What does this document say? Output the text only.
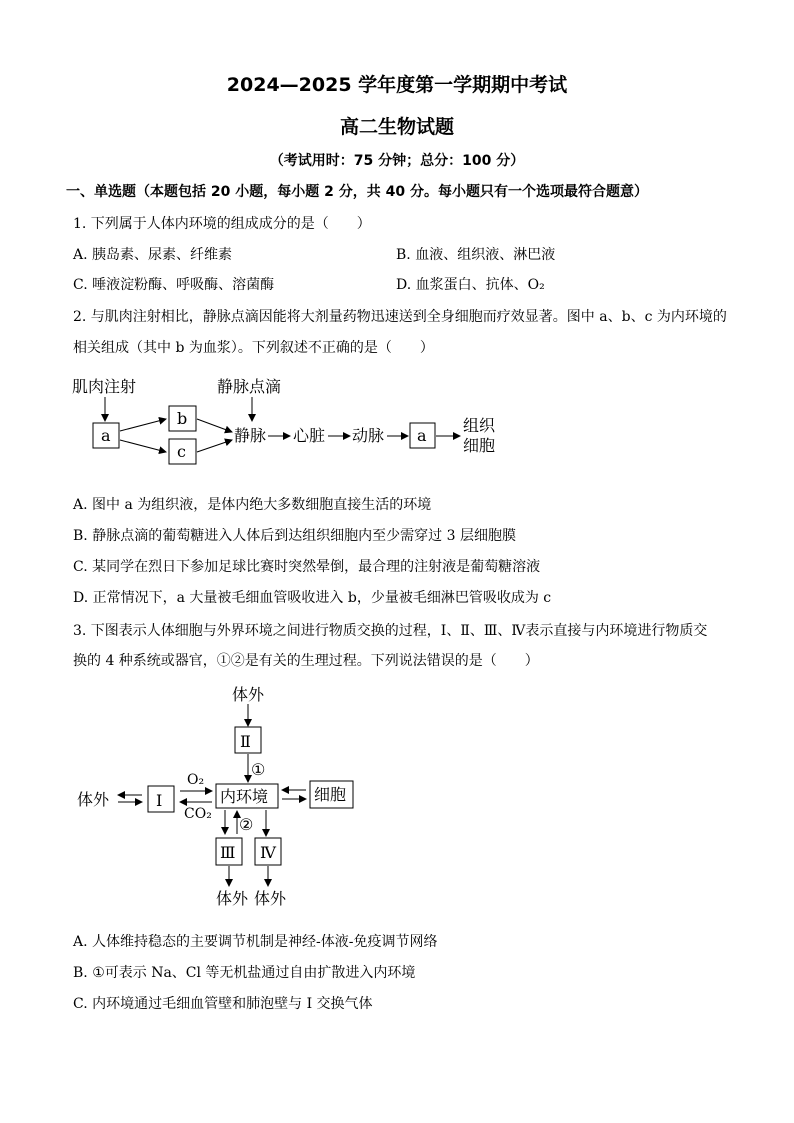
2024—2025 学年度第一学期期中考试
高二生物试题
（考试用时：75 分钟；总分：100 分）
一、单选题（本题包括 20 小题，每小题 2 分，共 40 分。每小题只有一个选项最符合题意）
1. 下列属于人体内环境的组成成分的是（　　）
A. 胰岛素、尿素、纤维素	B. 血液、组织液、淋巴液
C. 唾液淀粉酶、呼吸酶、溶菌酶	D. 血浆蛋白、抗体、O₂
2. 与肌肉注射相比，静脉点滴因能将大剂量药物迅速送到全身细胞而疗效显著。图中 a、b、c 为内环境的
相关组成（其中 b 为血浆）。下列叙述不正确的是（　　）
肌肉注射	静脉点滴
a
b
c
静脉 心脏 动脉 a
组织
细胞
体外
Ⅱ
①
体外	Ⅰ
O₂
CO₂
内环境	细胞
②
Ⅲ Ⅳ
体外 体外
A. 图中 a 为组织液，是体内绝大多数细胞直接生活的环境
B. 静脉点滴的葡萄糖进入人体后到达组织细胞内至少需穿过 3 层细胞膜
C. 某同学在烈日下参加足球比赛时突然晕倒，最合理的注射液是葡萄糖溶液
D. 正常情况下，a 大量被毛细血管吸收进入 b，少量被毛细淋巴管吸收成为 c
3. 下图表示人体细胞与外界环境之间进行物质交换的过程，Ⅰ、Ⅱ、Ⅲ、Ⅳ表示直接与内环境进行物质交
换的 4 种系统或器官，①②是有关的生理过程。下列说法错误的是（　　）
A. 人体维持稳态的主要调节机制是神经-体液-免疫调节网络
B. ①可表示 Na、Cl 等无机盐通过自由扩散进入内环境
C. 内环境通过毛细血管壁和肺泡壁与 I 交换气体
